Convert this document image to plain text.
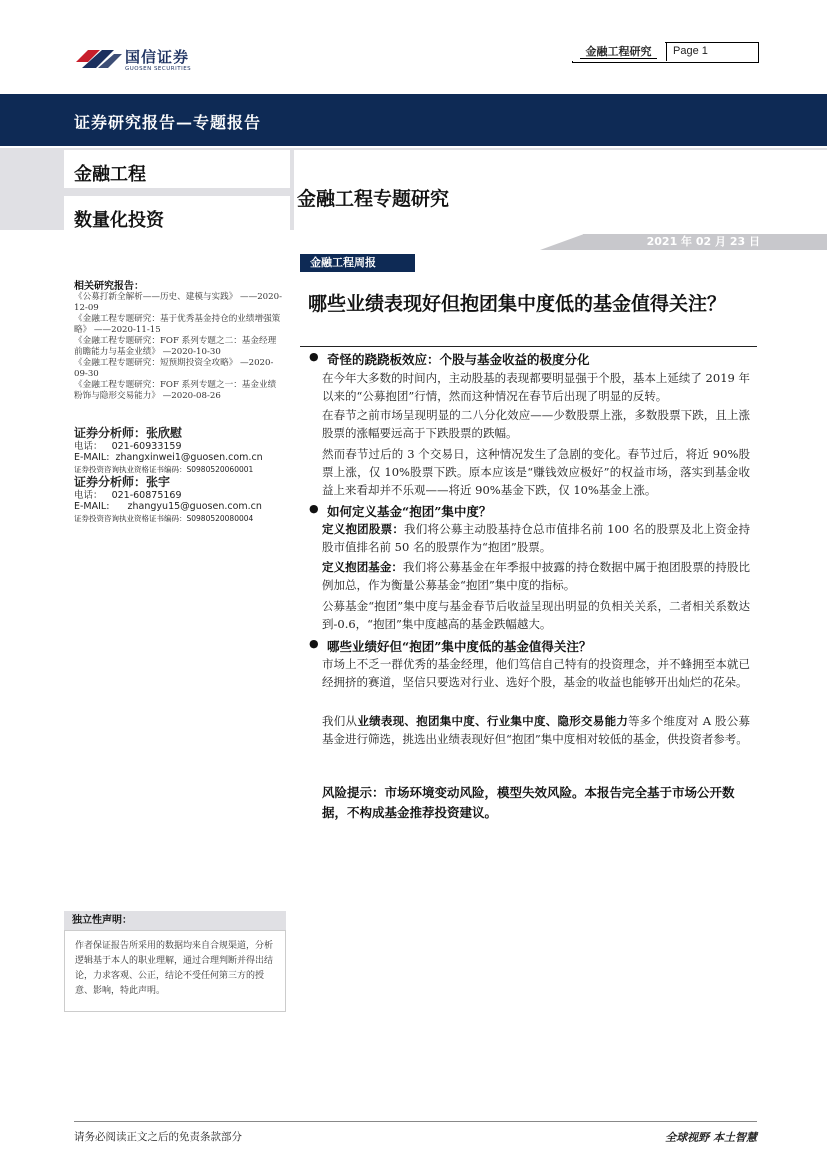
国信证券
GUOSEN SECURITIES
金融工程研究	Page 1
证券研究报告—专题报告
金融工程
数量化投资
金融工程专题研究
2021 年 02 月 23 日
金融工程周报
哪些业绩表现好但抱团集中度低的基金值得关注？
相关研究报告：
《公募打新全解析——历史、建模与实践》 ——2020-12-09
《金融工程专题研究：基于优秀基金持仓的业绩增强策略》 ——2020-11-15
《金融工程专题研究：FOF 系列专题之二：基金经理前瞻能力与基金业绩》 —2020-10-30
《金融工程专题研究：短预期投资全攻略》 —2020-09-30
《金融工程专题研究：FOF 系列专题之一：基金业绩粉饰与隐形交易能力》 —2020-08-26
证券分析师：张欣慰
电话： 021-60933159
E-MAIL: zhangxinwei1@guosen.com.cn
证券投资咨询执业资格证书编码：S0980520060001
证券分析师：张宇
电话： 021-60875169
E-MAIL: zhangyu15@guosen.com.cn
证券投资咨询执业资格证书编码：S0980520080004
独立性声明：
作者保证报告所采用的数据均来自合规渠道，分析逻辑基于本人的职业理解，通过合理判断并得出结论，力求客观、公正，结论不受任何第三方的授意、影响，特此声明。
● 奇怪的跷跷板效应：个股与基金收益的极度分化
在今年大多数的时间内，主动股基的表现都要明显强于个股，基本上延续了 2019 年以来的“公募抱团”行情，然而这种情况在春节后出现了明显的反转。
在春节之前市场呈现明显的二八分化效应——少数股票上涨，多数股票下跌，且上涨股票的涨幅要远高于下跌股票的跌幅。
然而春节过后的 3 个交易日，这种情况发生了急剧的变化。春节过后，将近 90%股票上涨，仅 10%股票下跌。原本应该是“赚钱效应极好”的权益市场，落实到基金收益上来看却并不乐观——将近 90%基金下跌，仅 10%基金上涨。
● 如何定义基金“抱团”集中度？
定义抱团股票：我们将公募主动股基持仓总市值排名前 100 名的股票及北上资金持股市值排名前 50 名的股票作为“抱团”股票。
定义抱团基金：我们将公募基金在年季报中披露的持仓数据中属于抱团股票的持股比例加总，作为衡量公募基金“抱团”集中度的指标。
公募基金“抱团”集中度与基金春节后收益呈现出明显的负相关关系，二者相关系数达到-0.6，“抱团”集中度越高的基金跌幅越大。
● 哪些业绩好但“抱团”集中度低的基金值得关注？
市场上不乏一群优秀的基金经理，他们笃信自己特有的投资理念，并不蜂拥至本就已经拥挤的赛道，坚信只要选对行业、选好个股，基金的收益也能够开出灿烂的花朵。
我们从业绩表现、抱团集中度、行业集中度、隐形交易能力等多个维度对 A 股公募基金进行筛选，挑选出业绩表现好但“抱团”集中度相对较低的基金，供投资者参考。
风险提示：市场环境变动风险，模型失效风险。本报告完全基于市场公开数据，不构成基金推荐投资建议。
请务必阅读正文之后的免责条款部分	全球视野 本土智慧
